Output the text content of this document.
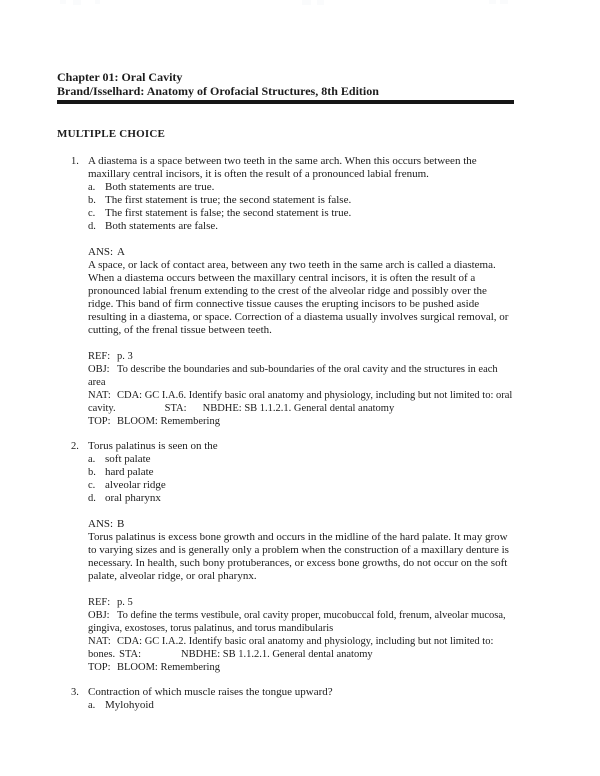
Chapter 01: Oral Cavity
Brand/Isselhard: Anatomy of Orofacial Structures, 8th Edition
MULTIPLE CHOICE
1. A diastema is a space between two teeth in the same arch. When this occurs between the maxillary central incisors, it is often the result of a pronounced labial frenum.

a. Both statements are true.
b. The first statement is true; the second statement is false.
c. The first statement is false; the second statement is true.
d. Both statements are false.

ANS: A

A space, or lack of contact area, between any two teeth in the same arch is called a diastema. When a diastema occurs between the maxillary central incisors, it is often the result of a pronounced labial frenum extending to the crest of the alveolar ridge and possibly over the ridge. This band of firm connective tissue causes the erupting incisors to be pushed aside resulting in a diastema, or space. Correction of a diastema usually involves surgical removal, or cutting, of the frenal tissue between teeth.

REF: p. 3

OBJ: To describe the boundaries and sub-boundaries of the oral cavity and the structures in each area

NAT: CDA: GC I.A.6. Identify basic oral anatomy and physiology, including but not limited to: oral cavity.	STA: NBDHE: SB 1.1.2.1. General dental anatomy

TOP: BLOOM: Remembering

2. Torus palatinus is seen on the

a. soft palate
b. hard palate
c. alveolar ridge
d. oral pharynx

ANS: B

Torus palatinus is excess bone growth and occurs in the midline of the hard palate. It may grow to varying sizes and is generally only a problem when the construction of a maxillary denture is necessary. In health, such bony protuberances, or excess bone growths, do not occur on the soft palate, alveolar ridge, or oral pharynx.

REF: p. 5

OBJ: To define the terms vestibule, oral cavity proper, mucobuccal fold, frenum, alveolar mucosa, gingiva, exostoses, torus palatinus, and torus mandibularis

NAT: CDA: GC I.A.2. Identify basic oral anatomy and physiology, including but not limited to: bones. STA:	NBDHE: SB 1.1.2.1. General dental anatomy

TOP: BLOOM: Remembering

3. Contraction of which muscle raises the tongue upward?

a. Mylohyoid
